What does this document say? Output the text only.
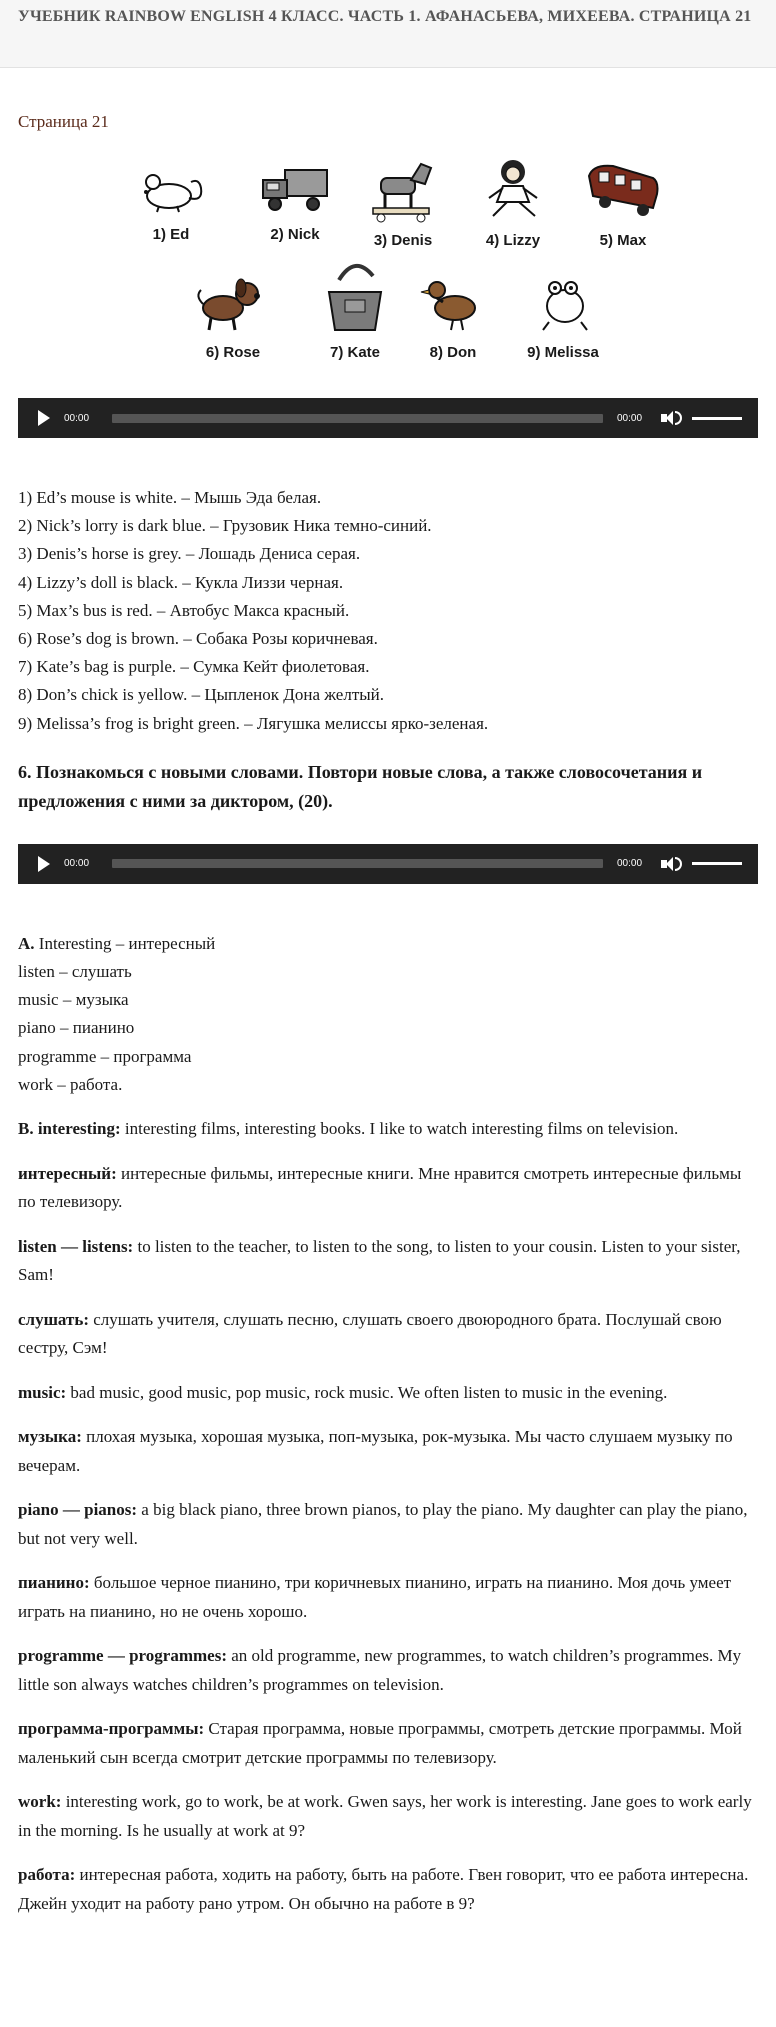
УЧЕБНИК RAINBOW ENGLISH 4 КЛАСС. ЧАСТЬ 1. АФАНАСЬЕВА, МИХЕЕВА. СТРАНИЦА 21
Страница 21
1) Ed	2) Nick	3) Denis	4) Lizzy	5) Max
6) Rose	7) Kate	8) Don	9) Melissa
00:00	00:00
1) Ed’s mouse is white. – Мышь Эда белая.
2) Nick’s lorry is dark blue. – Грузовик Ника темно-синий.
3) Denis’s horse is grey. – Лошадь Дениса серая.
4) Lizzy’s doll is black. – Кукла Лиззи черная.
5) Max’s bus is red. – Автобус Макса красный.
6) Rose’s dog is brown. – Собака Розы коричневая.
7) Kate’s bag is purple. – Сумка Кейт фиолетовая.
8) Don’s chick is yellow. – Цыпленок Дона желтый.
9) Melissa’s frog is bright green. – Лягушка мелиссы ярко-зеленая.
6. Познакомься с новыми словами. Повтори новые слова, а также словосочетания и предложения с ними за диктором, (20).
00:00	00:00
A. Interesting – интересный
listen – слушать
music – музыка
piano – пианино
programme – программа
work – работа.
B. interesting: interesting films, interesting books. I like to watch interesting films on television.
интересный: интересные фильмы, интересные книги. Мне нравится смотреть интересные фильмы по телевизору.
listen — listens: to listen to the teacher, to listen to the song, to listen to your cousin. Listen to your sister, Sam!
слушать: слушать учителя, слушать песню, слушать своего двоюродного брата. Послушай свою сестру, Сэм!
music: bad music, good music, pop music, rock music. We often listen to music in the evening.
музыка: плохая музыка, хорошая музыка, поп-музыка, рок-музыка. Мы часто слушаем музыку по вечерам.
piano — pianos: a big black piano, three brown pianos, to play the piano. My daughter can play the piano, but not very well.
пианино: большое черное пианино, три коричневых пианино, играть на пианино. Моя дочь умеет играть на пианино, но не очень хорошо.
programme — programmes: an old programme, new programmes, to watch children’s programmes. My little son always watches children’s programmes on television.
программа-программы: Старая программа, новые программы, смотреть детские программы. Мой маленький сын всегда смотрит детские программы по телевизору.
work: interesting work, go to work, be at work. Gwen says, her work is interesting. Jane goes to work early in the morning. Is he usually at work at 9?
работа: интересная работа, ходить на работу, быть на работе. Гвен говорит, что ее работа интересна. Джейн уходит на работу рано утром. Он обычно на работе в 9?
